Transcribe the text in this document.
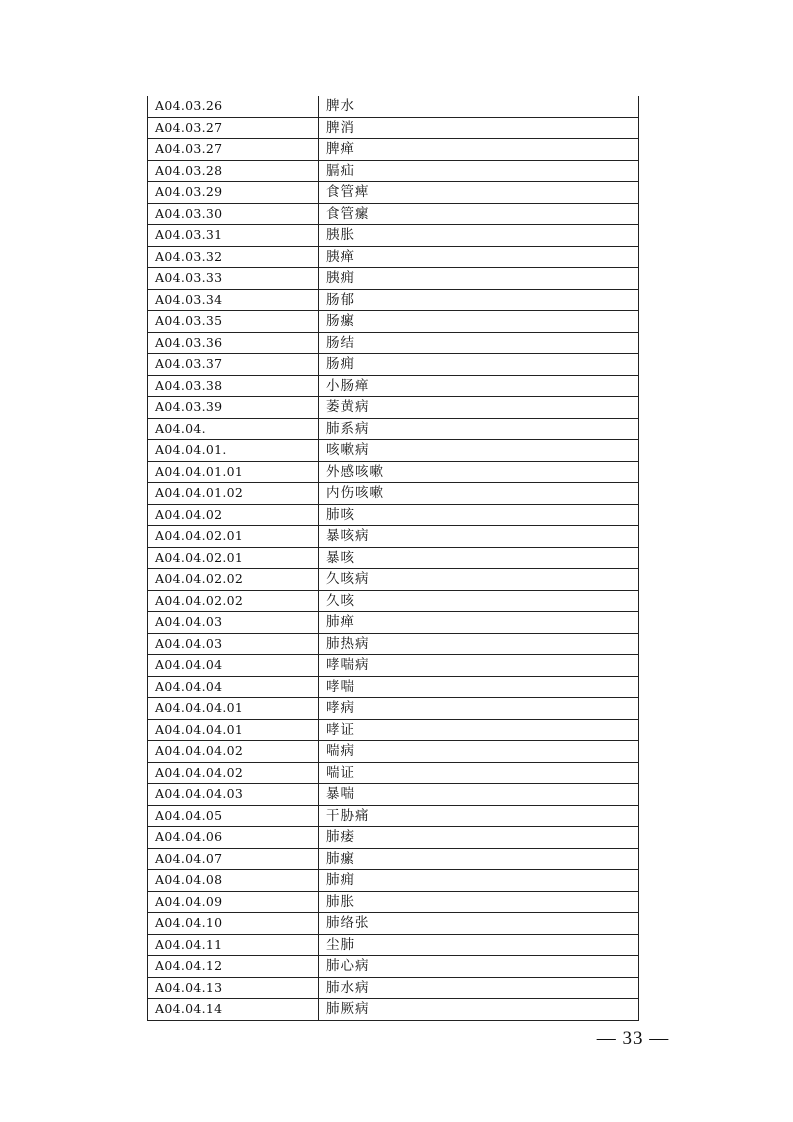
A04.03.26	脾水
A04.03.27	脾消
A04.03.27	脾瘅
A04.03.28	膈疝
A04.03.29	食管痺
A04.03.30	食管瘰
A04.03.31	胰胀
A04.03.32	胰瘅
A04.03.33	胰痈
A04.03.34	肠郁
A04.03.35	肠瘰
A04.03.36	肠结
A04.03.37	肠痈
A04.03.38	小肠瘅
A04.03.39	萎黄病
A04.04.	肺系病
A04.04.01.	咳嗽病
A04.04.01.01	外感咳嗽
A04.04.01.02	内伤咳嗽
A04.04.02	肺咳
A04.04.02.01	暴咳病
A04.04.02.01	暴咳
A04.04.02.02	久咳病
A04.04.02.02	久咳
A04.04.03	肺瘅
A04.04.03	肺热病
A04.04.04	哮喘病
A04.04.04	哮喘
A04.04.04.01	哮病
A04.04.04.01	哮证
A04.04.04.02	喘病
A04.04.04.02	喘证
A04.04.04.03	暴喘
A04.04.05	干胁痛
A04.04.06	肺痿
A04.04.07	肺瘰
A04.04.08	肺痈
A04.04.09	肺胀
A04.04.10	肺络张
A04.04.11	尘肺
A04.04.12	肺心病
A04.04.13	肺水病
A04.04.14	肺厥病
— 33 —
